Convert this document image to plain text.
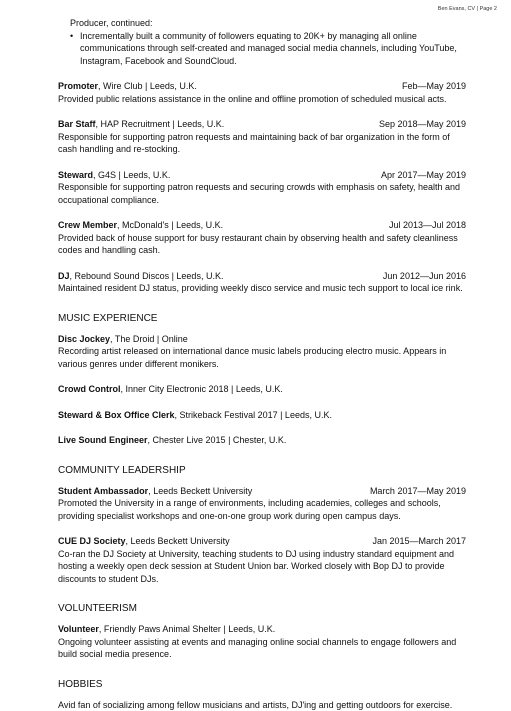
Ben Evans, CV | Page 2
Producer, continued:
• Incrementally built a community of followers equating to 20K+ by managing all online communications through self-created and managed social media channels, including YouTube, Instagram, Facebook and SoundCloud.
Promoter, Wire Club | Leeds, U.K.	Feb—May 2019
Provided public relations assistance in the online and offline promotion of scheduled musical acts.
Bar Staff, HAP Recruitment | Leeds, U.K.	Sep 2018—May 2019
Responsible for supporting patron requests and maintaining back of bar organization in the form of cash handling and re-stocking.
Steward, G4S | Leeds, U.K.	Apr 2017—May 2019
Responsible for supporting patron requests and securing crowds with emphasis on safety, health and occupational compliance.
Crew Member, McDonald's | Leeds, U.K.	Jul 2013—Jul 2018
Provided back of house support for busy restaurant chain by observing health and safety cleanliness codes and handling cash.
DJ, Rebound Sound Discos | Leeds, U.K.	Jun 2012—Jun 2016
Maintained resident DJ status, providing weekly disco service and music tech support to local ice rink.
MUSIC EXPERIENCE
Disc Jockey, The Droid | Online
Recording artist released on international dance music labels producing electro music. Appears in various genres under different monikers.
Crowd Control, Inner City Electronic 2018 | Leeds, U.K.
Steward & Box Office Clerk, Strikeback Festival 2017 | Leeds, U.K.
Live Sound Engineer, Chester Live 2015 | Chester, U.K.
COMMUNITY LEADERSHIP
Student Ambassador, Leeds Beckett University	March 2017—May 2019
Promoted the University in a range of environments, including academies, colleges and schools, providing specialist workshops and one-on-one group work during open campus days.
CUE DJ Society, Leeds Beckett University	Jan 2015—March 2017
Co-ran the DJ Society at University, teaching students to DJ using industry standard equipment and hosting a weekly open deck session at Student Union bar. Worked closely with Bop DJ to provide discounts to student DJs.
VOLUNTEERISM
Volunteer, Friendly Paws Animal Shelter | Leeds, U.K.
Ongoing volunteer assisting at events and managing online social channels to engage followers and build social media presence.
HOBBIES
Avid fan of socializing among fellow musicians and artists, DJ'ing and getting outdoors for exercise.
